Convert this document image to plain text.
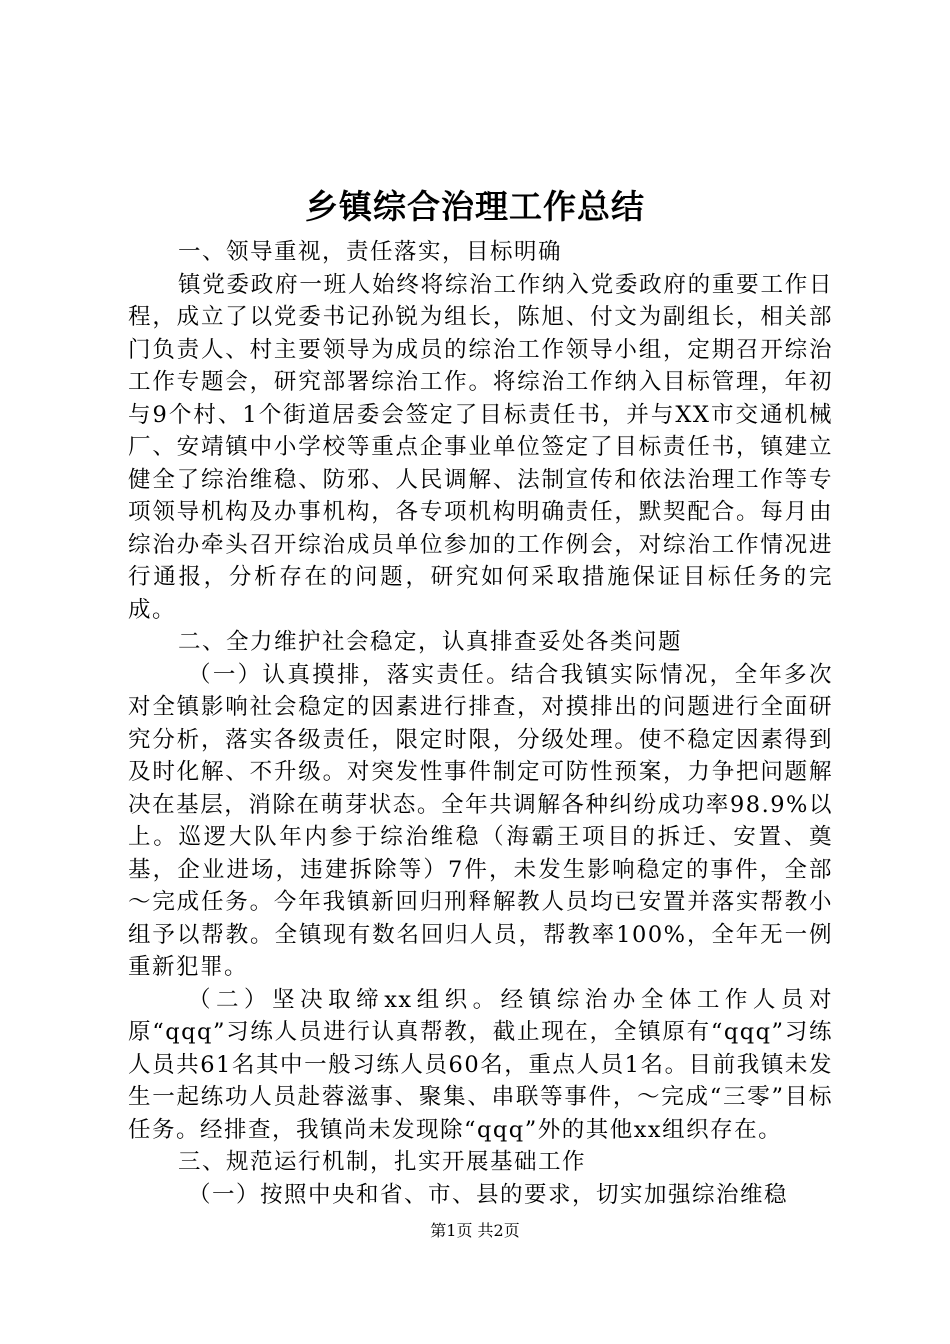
乡镇综合治理工作总结

一、领导重视，责任落实，目标明确

镇党委政府一班人始终将综治工作纳入党委政府的重要工作日程，成立了以党委书记孙锐为组长，陈旭、付文为副组长，相关部门负责人、村主要领导为成员的综治工作领导小组，定期召开综治工作专题会，研究部署综治工作。将综治工作纳入目标管理，年初与9个村、1个街道居委会签定了目标责任书，并与XX市交通机械厂、安靖镇中小学校等重点企事业单位签定了目标责任书，镇建立健全了综治维稳、防邪、人民调解、法制宣传和依法治理工作等专项领导机构及办事机构，各专项机构明确责任，默契配合。每月由综治办牵头召开综治成员单位参加的工作例会，对综治工作情况进行通报，分析存在的问题，研究如何采取措施保证目标任务的完成。

二、全力维护社会稳定，认真排查妥处各类问题

（一）认真摸排，落实责任。结合我镇实际情况，全年多次对全镇影响社会稳定的因素进行排查，对摸排出的问题进行全面研究分析，落实各级责任，限定时限，分级处理。使不稳定因素得到及时化解、不升级。对突发性事件制定可防性预案，力争把问题解决在基层，消除在萌芽状态。全年共调解各种纠纷成功率98.9%以上。巡逻大队年内参于综治维稳（海霸王项目的拆迁、安置、奠基，企业进场，违建拆除等）7件，未发生影响稳定的事件，全部～完成任务。今年我镇新回归刑释解教人员均已安置并落实帮教小组予以帮教。全镇现有数名回归人员，帮教率100%，全年无一例重新犯罪。

（二）坚决取缔xx组织。经镇综治办全体工作人员对原“qqq”习练人员进行认真帮教，截止现在，全镇原有“qqq”习练人员共61名其中一般习练人员60名，重点人员1名。目前我镇未发生一起练功人员赴蓉滋事、聚集、串联等事件，～完成“三零”目标任务。经排查，我镇尚未发现除“qqq”外的其他xx组织存在。

三、规范运行机制，扎实开展基础工作

（一）按照中央和省、市、县的要求，切实加强综治维稳

第1页 共2页
